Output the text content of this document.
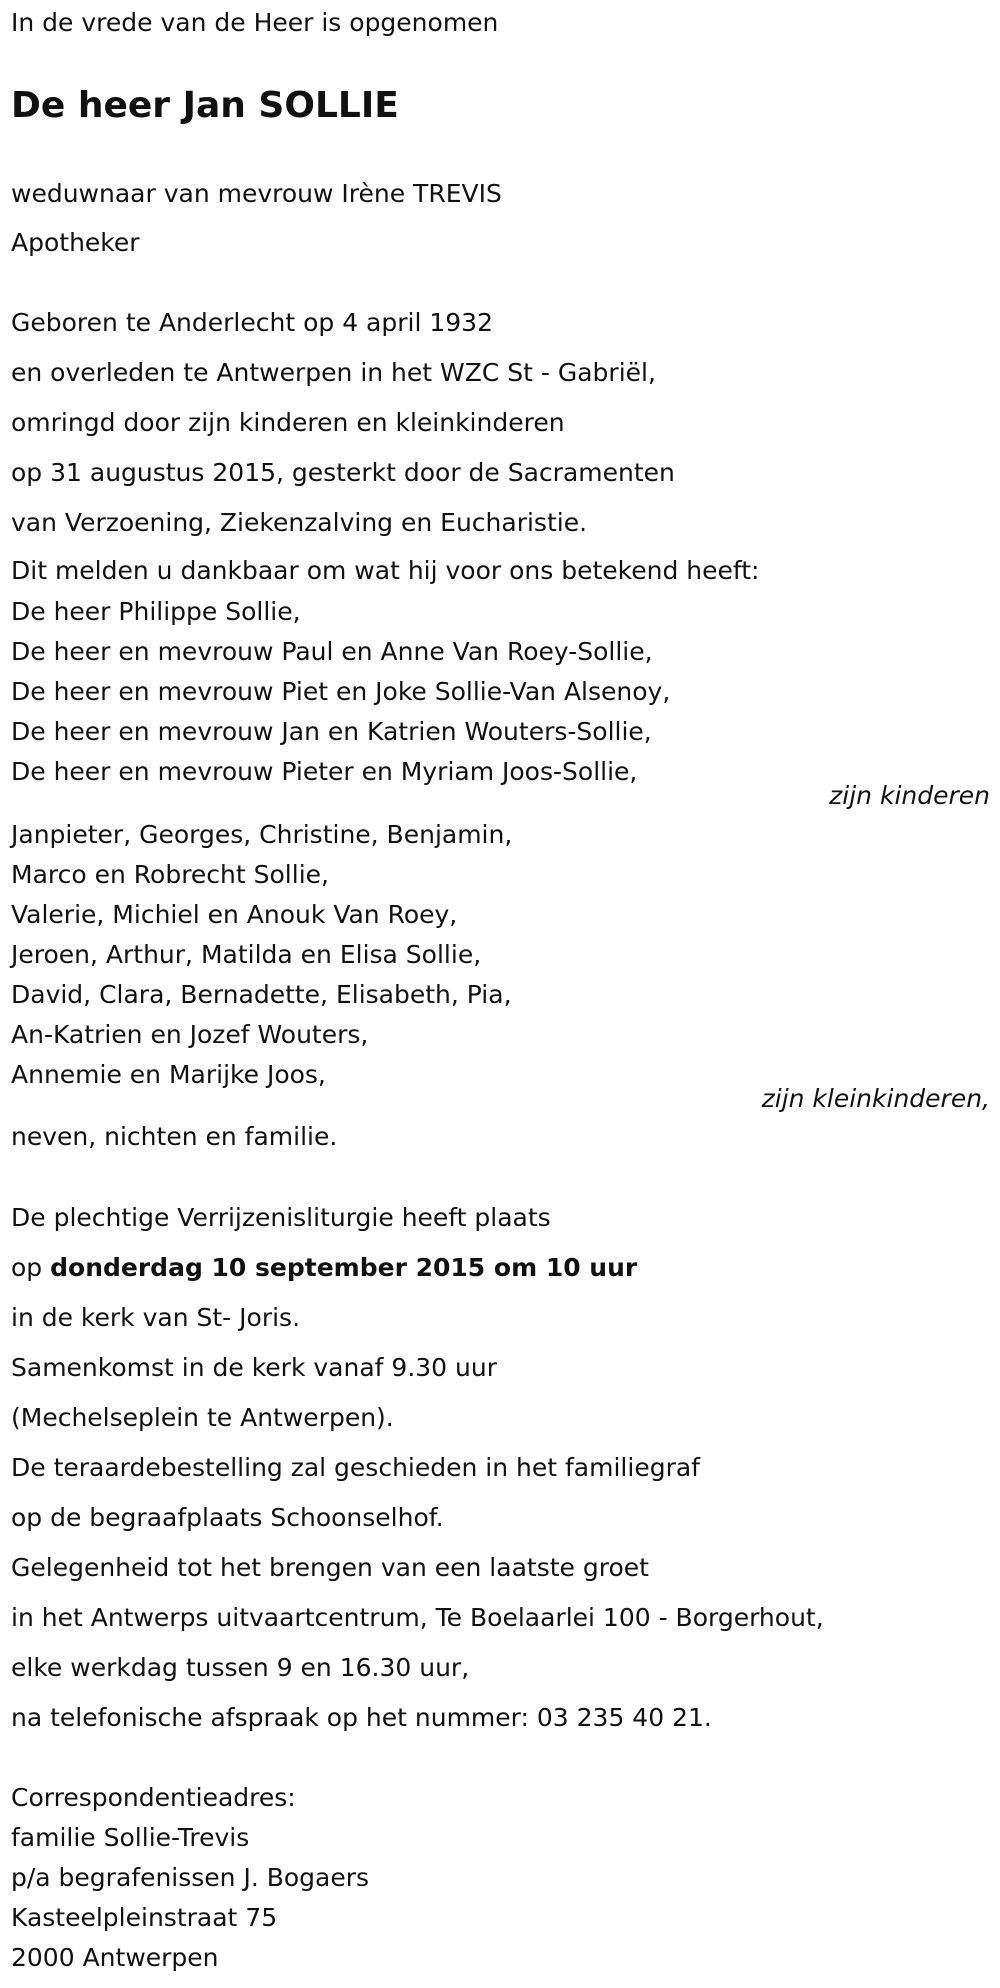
In de vrede van de Heer is opgenomen
De heer Jan SOLLIE
weduwnaar van mevrouw Irène TREVIS
Apotheker
Geboren te Anderlecht op 4 april 1932
en overleden te Antwerpen in het WZC St - Gabriël,
omringd door zijn kinderen en kleinkinderen
op 31 augustus 2015, gesterkt door de Sacramenten
van Verzoening, Ziekenzalving en Eucharistie.
Dit melden u dankbaar om wat hij voor ons betekend heeft:
De heer Philippe Sollie,
De heer en mevrouw Paul en Anne Van Roey-Sollie,
De heer en mevrouw Piet en Joke Sollie-Van Alsenoy,
De heer en mevrouw Jan en Katrien Wouters-Sollie,
De heer en mevrouw Pieter en Myriam Joos-Sollie,
zijn kinderen
Janpieter, Georges, Christine, Benjamin,
Marco en Robrecht Sollie,
Valerie, Michiel en Anouk Van Roey,
Jeroen, Arthur, Matilda en Elisa Sollie,
David, Clara, Bernadette, Elisabeth, Pia,
An-Katrien en Jozef Wouters,
Annemie en Marijke Joos,
zijn kleinkinderen,
neven, nichten en familie.
De plechtige Verrijzenisliturgie heeft plaats
op donderdag 10 september 2015 om 10 uur
in de kerk van St- Joris.
Samenkomst in de kerk vanaf 9.30 uur
(Mechelseplein te Antwerpen).
De teraardebestelling zal geschieden in het familiegraf
op de begraafplaats Schoonselhof.
Gelegenheid tot het brengen van een laatste groet
in het Antwerps uitvaartcentrum, Te Boelaarlei 100 - Borgerhout,
elke werkdag tussen 9 en 16.30 uur,
na telefonische afspraak op het nummer: 03 235 40 21.
Correspondentieadres:
familie Sollie-Trevis
p/a begrafenissen J. Bogaers
Kasteelpleinstraat 75
2000 Antwerpen
